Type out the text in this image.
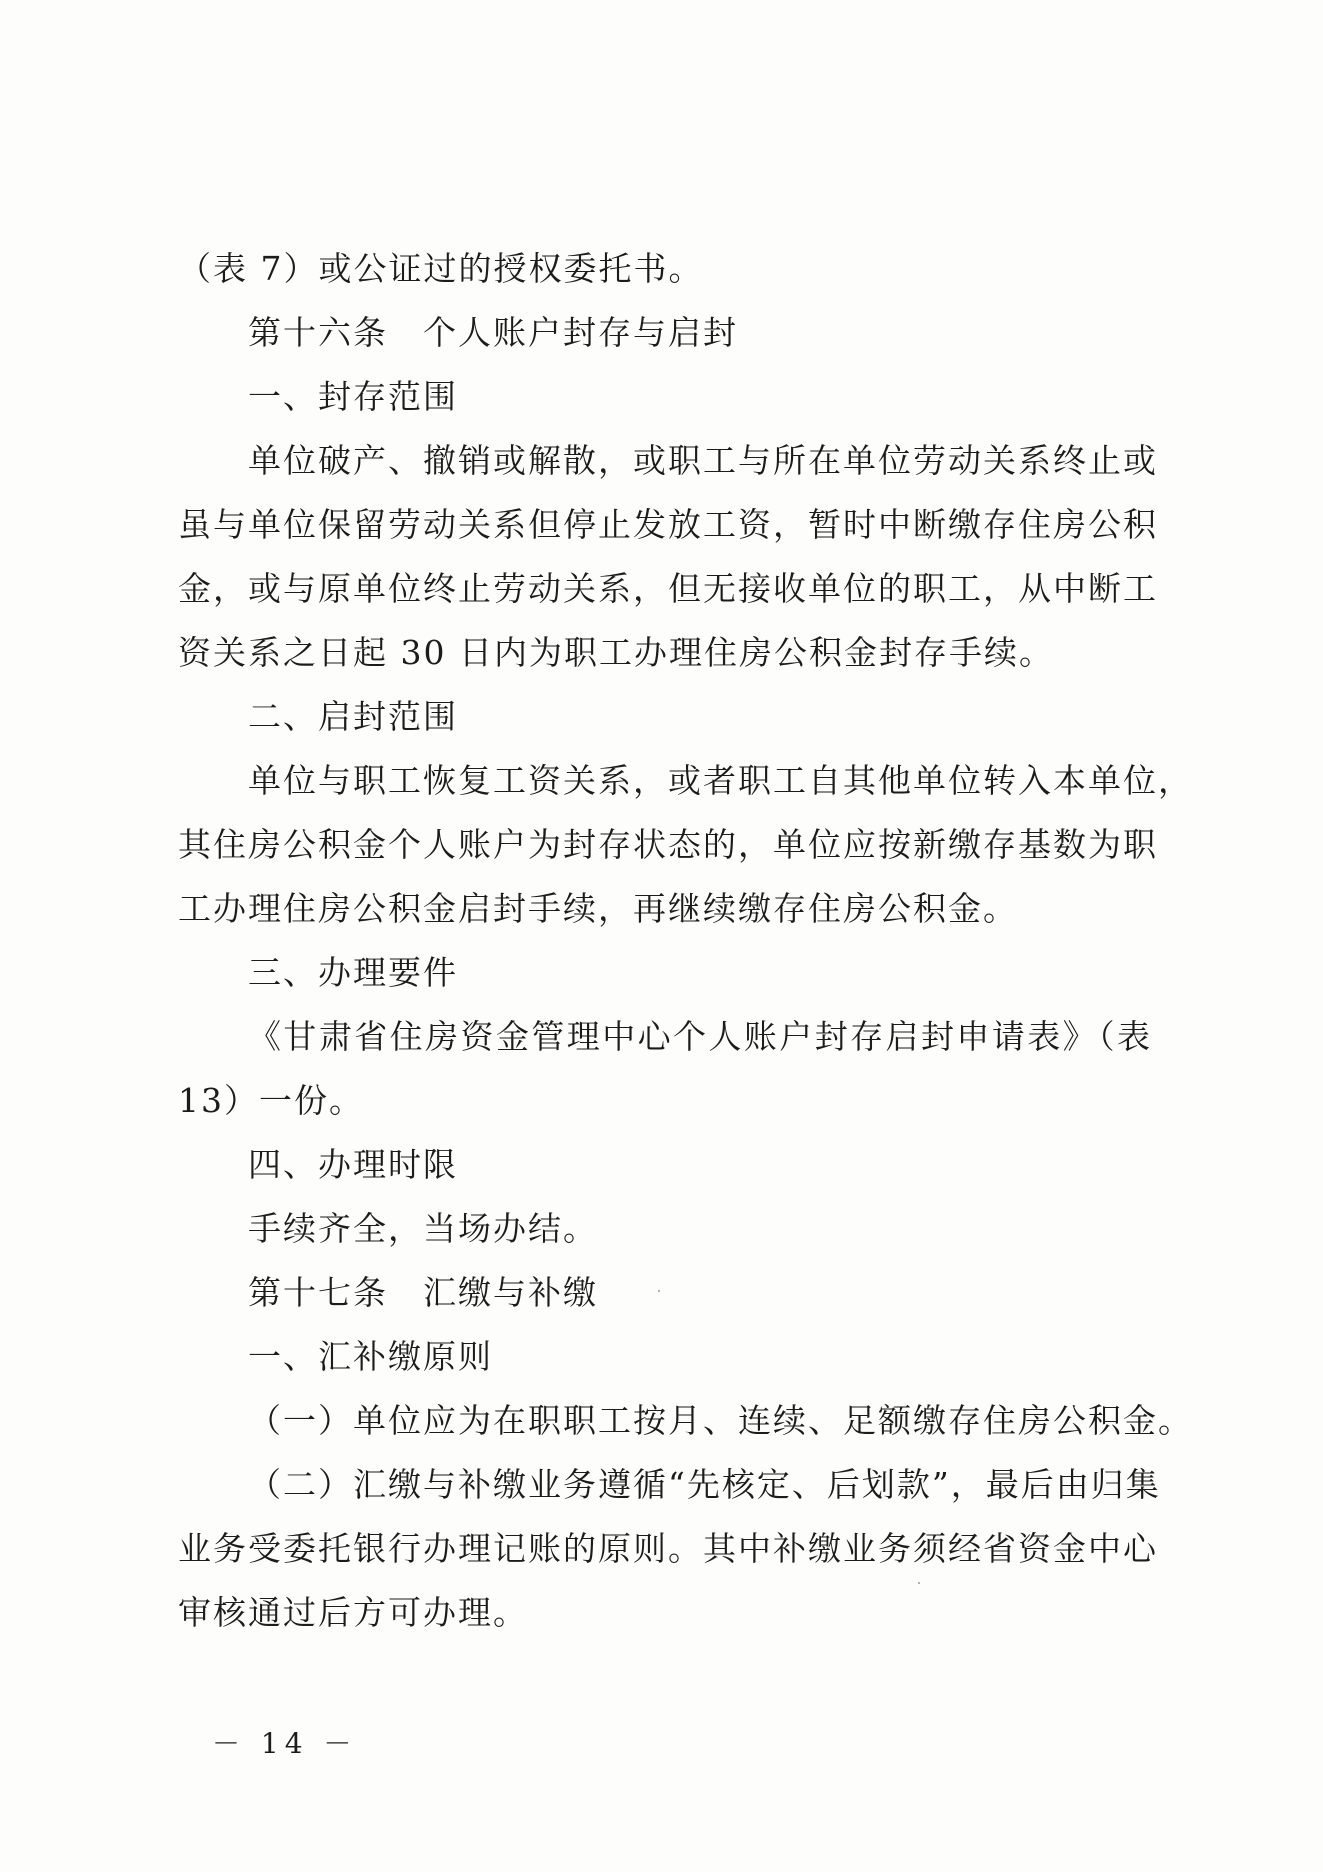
（表 7）或公证过的授权委托书。
第十六条　个人账户封存与启封
一、封存范围
单位破产、撤销或解散，或职工与所在单位劳动关系终止或
虽与单位保留劳动关系但停止发放工资，暂时中断缴存住房公积
金，或与原单位终止劳动关系，但无接收单位的职工，从中断工
资关系之日起 30 日内为职工办理住房公积金封存手续。
二、启封范围
单位与职工恢复工资关系，或者职工自其他单位转入本单位，
其住房公积金个人账户为封存状态的，单位应按新缴存基数为职
工办理住房公积金启封手续，再继续缴存住房公积金。
三、办理要件
《甘肃省住房资金管理中心个人账户封存启封申请表》（表
13）一份。
四、办理时限
手续齐全，当场办结。
第十七条　汇缴与补缴
一、汇补缴原则
（一）单位应为在职职工按月、连续、足额缴存住房公积金。
（二）汇缴与补缴业务遵循“先核定、后划款”，最后由归集
业务受委托银行办理记账的原则。其中补缴业务须经省资金中心
审核通过后方可办理。
－ 14 －
